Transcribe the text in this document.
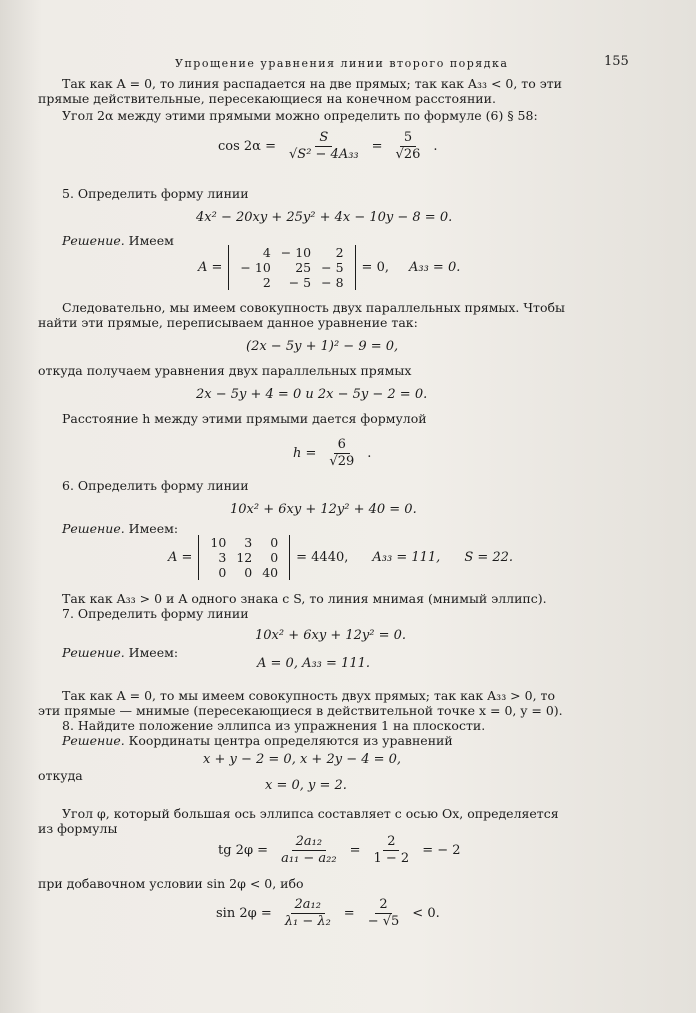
Упрощение уравнения линии второго порядка	155
Так как A = 0, то линия распадается на две прямых; так как A₃₃ < 0, то эти
прямые действительные, пересекающиеся на конечном расстоянии.
Угол 2α между этими прямыми можно определить по формуле (6) § 58:
$\cos 2\alpha = \frac{S}{\text{√S² − 4A₃₃}} = \frac{5}{√26}$ .
5. Определить форму линии
4x² − 20xy + 25y² + 4x − 10y − 8 = 0.
Решение. Имеем
A =
4	− 10	2
− 10	25	− 5
2	− 5	− 8
= 0, A₃₃ = 0.
Следовательно, мы имеем совокупность двух параллельных прямых. Чтобы
найти эти прямые, переписываем данное уравнение так:
(2x − 5y + 1)² − 9 = 0,
откуда получаем уравнения двух параллельных прямых
2x − 5y + 4 = 0 и 2x − 5y − 2 = 0.
Расстояние h между этими прямыми дается формулой
$h = \frac{6}{√29}$ .
6. Определить форму линии
10x² + 6xy + 12y² + 40 = 0.
Решение. Имеем:
A =
10	3	0
3	12	0
0	0	40
= 4440, A₃₃ = 111, S = 22.
Так как A₃₃ > 0 и A одного знака с S, то линия мнимая (мнимый эллипс).
7. Определить форму линии
10x² + 6xy + 12y² = 0.
Решение. Имеем:
A = 0, A₃₃ = 111.
Так как A = 0, то мы имеем совокупность двух прямых; так как A₃₃ > 0, то
эти прямые — мнимые (пересекающиеся в действительной точке x = 0, y = 0).
8. Найдите положение эллипса из упражнения 1 на плоскости.
Решение. Координаты центра определяются из уравнений
x + y − 2 = 0, x + 2y − 4 = 0,
откуда
x = 0, y = 2.
Угол φ, который большая ось эллипса составляет с осью Ox, определяется
из формулы
tg $2\varphi = \frac{\text{2a₁₂}}{\text{a₁₁ − a₂₂}} = \frac{2}{1 - 2}$ = − 2
при добавочном условии sin 2φ < 0, ибо
$\sin 2\varphi = \frac{\text{2a₁₂}}{\text{λ₁ − λ₂}} = \frac{2}{- √5} < 0$.
